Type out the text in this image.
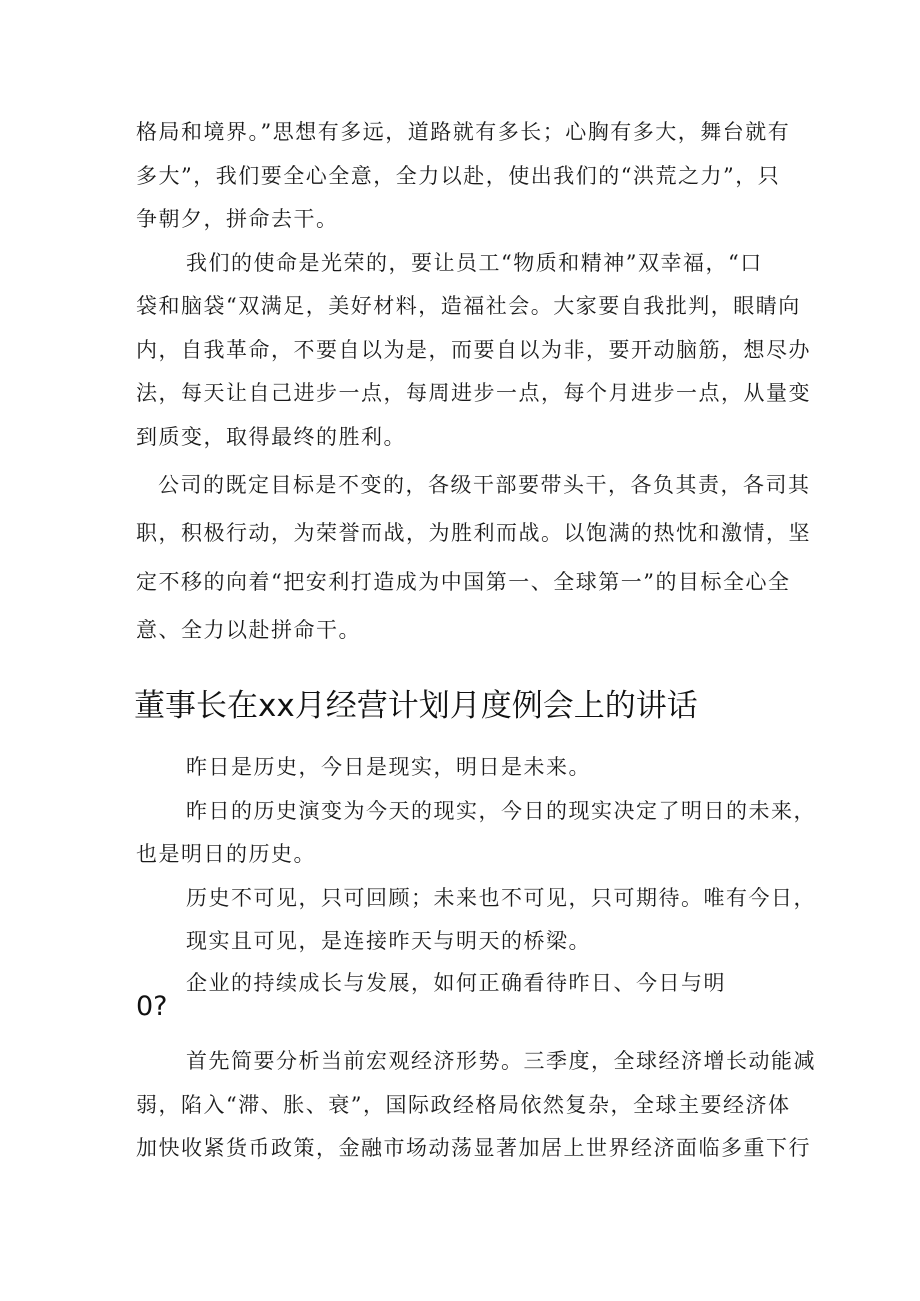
格局和境界。”思想有多远，道路就有多长；心胸有多大，舞台就有
多大”，我们要全心全意，全力以赴，使出我们的“洪荒之力”，只
争朝夕，拼命去干。
我们的使命是光荣的，要让员工“物质和精神”双幸福，“口
袋和脑袋“双满足，美好材料，造福社会。大家要自我批判，眼睛向
内，自我革命，不要自以为是，而要自以为非，要开动脑筋，想尽办
法，每天让自己进步一点，每周进步一点，每个月进步一点，从量变
到质变，取得最终的胜利。
公司的既定目标是不变的，各级干部要带头干，各负其责，各司其
职，积极行动，为荣誉而战，为胜利而战。以饱满的热忱和激情，坚
定不移的向着“把安利打造成为中国第一、全球第一”的目标全心全
意、全力以赴拼命干。
董事长在xx月经营计划月度例会上的讲话
昨日是历史，今日是现实，明日是未来。
昨日的历史演变为今天的现实，今日的现实决定了明日的未来，
也是明日的历史。
历史不可见，只可回顾；未来也不可见，只可期待。唯有今日，
现实且可见，是连接昨天与明天的桥梁。
企业的持续成长与发展，如何正确看待昨日、今日与明
0?
首先简要分析当前宏观经济形势。三季度，全球经济增长动能减
弱，陷入“滞、胀、衰”，国际政经格局依然复杂，全球主要经济体
加快收紧货币政策，金融市场动荡显著加居上世界经济面临多重下行
